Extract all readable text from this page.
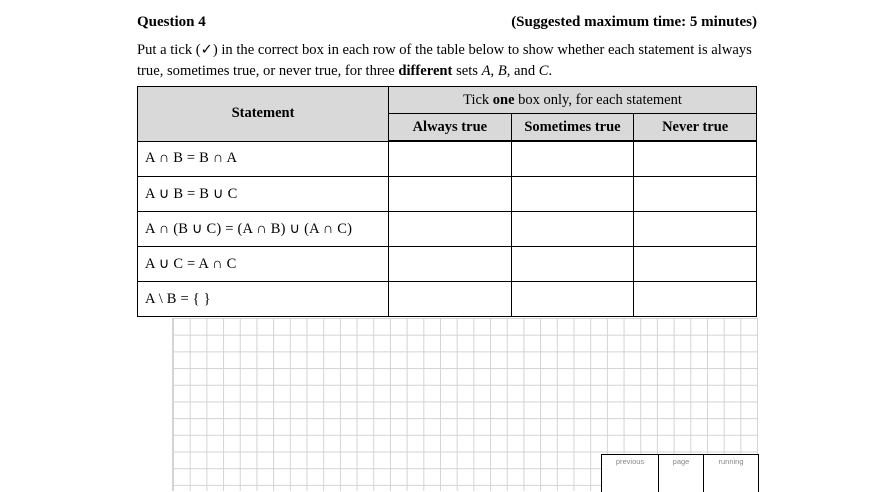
Question 4	(Suggested maximum time: 5 minutes)
Put a tick (✓) in the correct box in each row of the table below to show whether each statement is always true, sometimes true, or never true, for three different sets A, B, and C.
Statement	Tick one box only, for each statement		
	Always true	Sometimes true	Never true
A ∩ B = B ∩ A			
A ∪ B = B ∪ C			
A ∩ (B ∪ C) = (A ∩ B) ∪ (A ∩ C)			
A ∪ C = A ∩ C			
A \ B = { }			
previous	page	running
